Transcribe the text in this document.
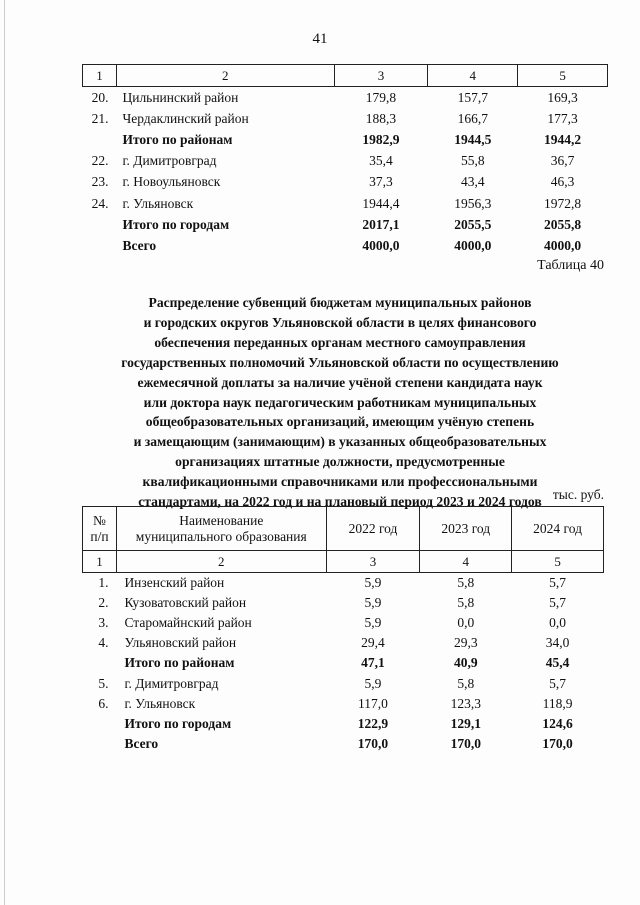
41
1	2	3	4	5
20.	Цильнинский район	179,8	157,7	169,3
21.	Чердаклинский район	188,3	166,7	177,3
	Итого по районам	1982,9	1944,5	1944,2
22.	г. Димитровград	35,4	55,8	36,7
23.	г. Новоульяновск	37,3	43,4	46,3
24.	г. Ульяновск	1944,4	1956,3	1972,8
	Итого по городам	2017,1	2055,5	2055,8
	Всего	4000,0	4000,0	4000,0
Таблица 40
Распределение субвенций бюджетам муниципальных районов
и городских округов Ульяновской области в целях финансового
обеспечения переданных органам местного самоуправления
государственных полномочий Ульяновской области по осуществлению
ежемесячной доплаты за наличие учёной степени кандидата наук
или доктора наук педагогическим работникам муниципальных
общеобразовательных организаций, имеющим учёную степень
и замещающим (занимающим) в указанных общеобразовательных
организациях штатные должности, предусмотренные
квалификационными справочниками или профессиональными
стандартами, на 2022 год и на плановый период 2023 и 2024 годов тыс. руб.
№
п/п	Наименование
муниципального образования	2022 год	2023 год	2024 год
1	2	3	4	5
1.	Инзенский район	5,9	5,8	5,7
2.	Кузоватовский район	5,9	5,8	5,7
3.	Старомайнский район	5,9	0,0	0,0
4.	Ульяновский район	29,4	29,3	34,0
	Итого по районам	47,1	40,9	45,4
5.	г. Димитровград	5,9	5,8	5,7
6.	г. Ульяновск	117,0	123,3	118,9
	Итого по городам	122,9	129,1	124,6
	Всего	170,0	170,0	170,0
